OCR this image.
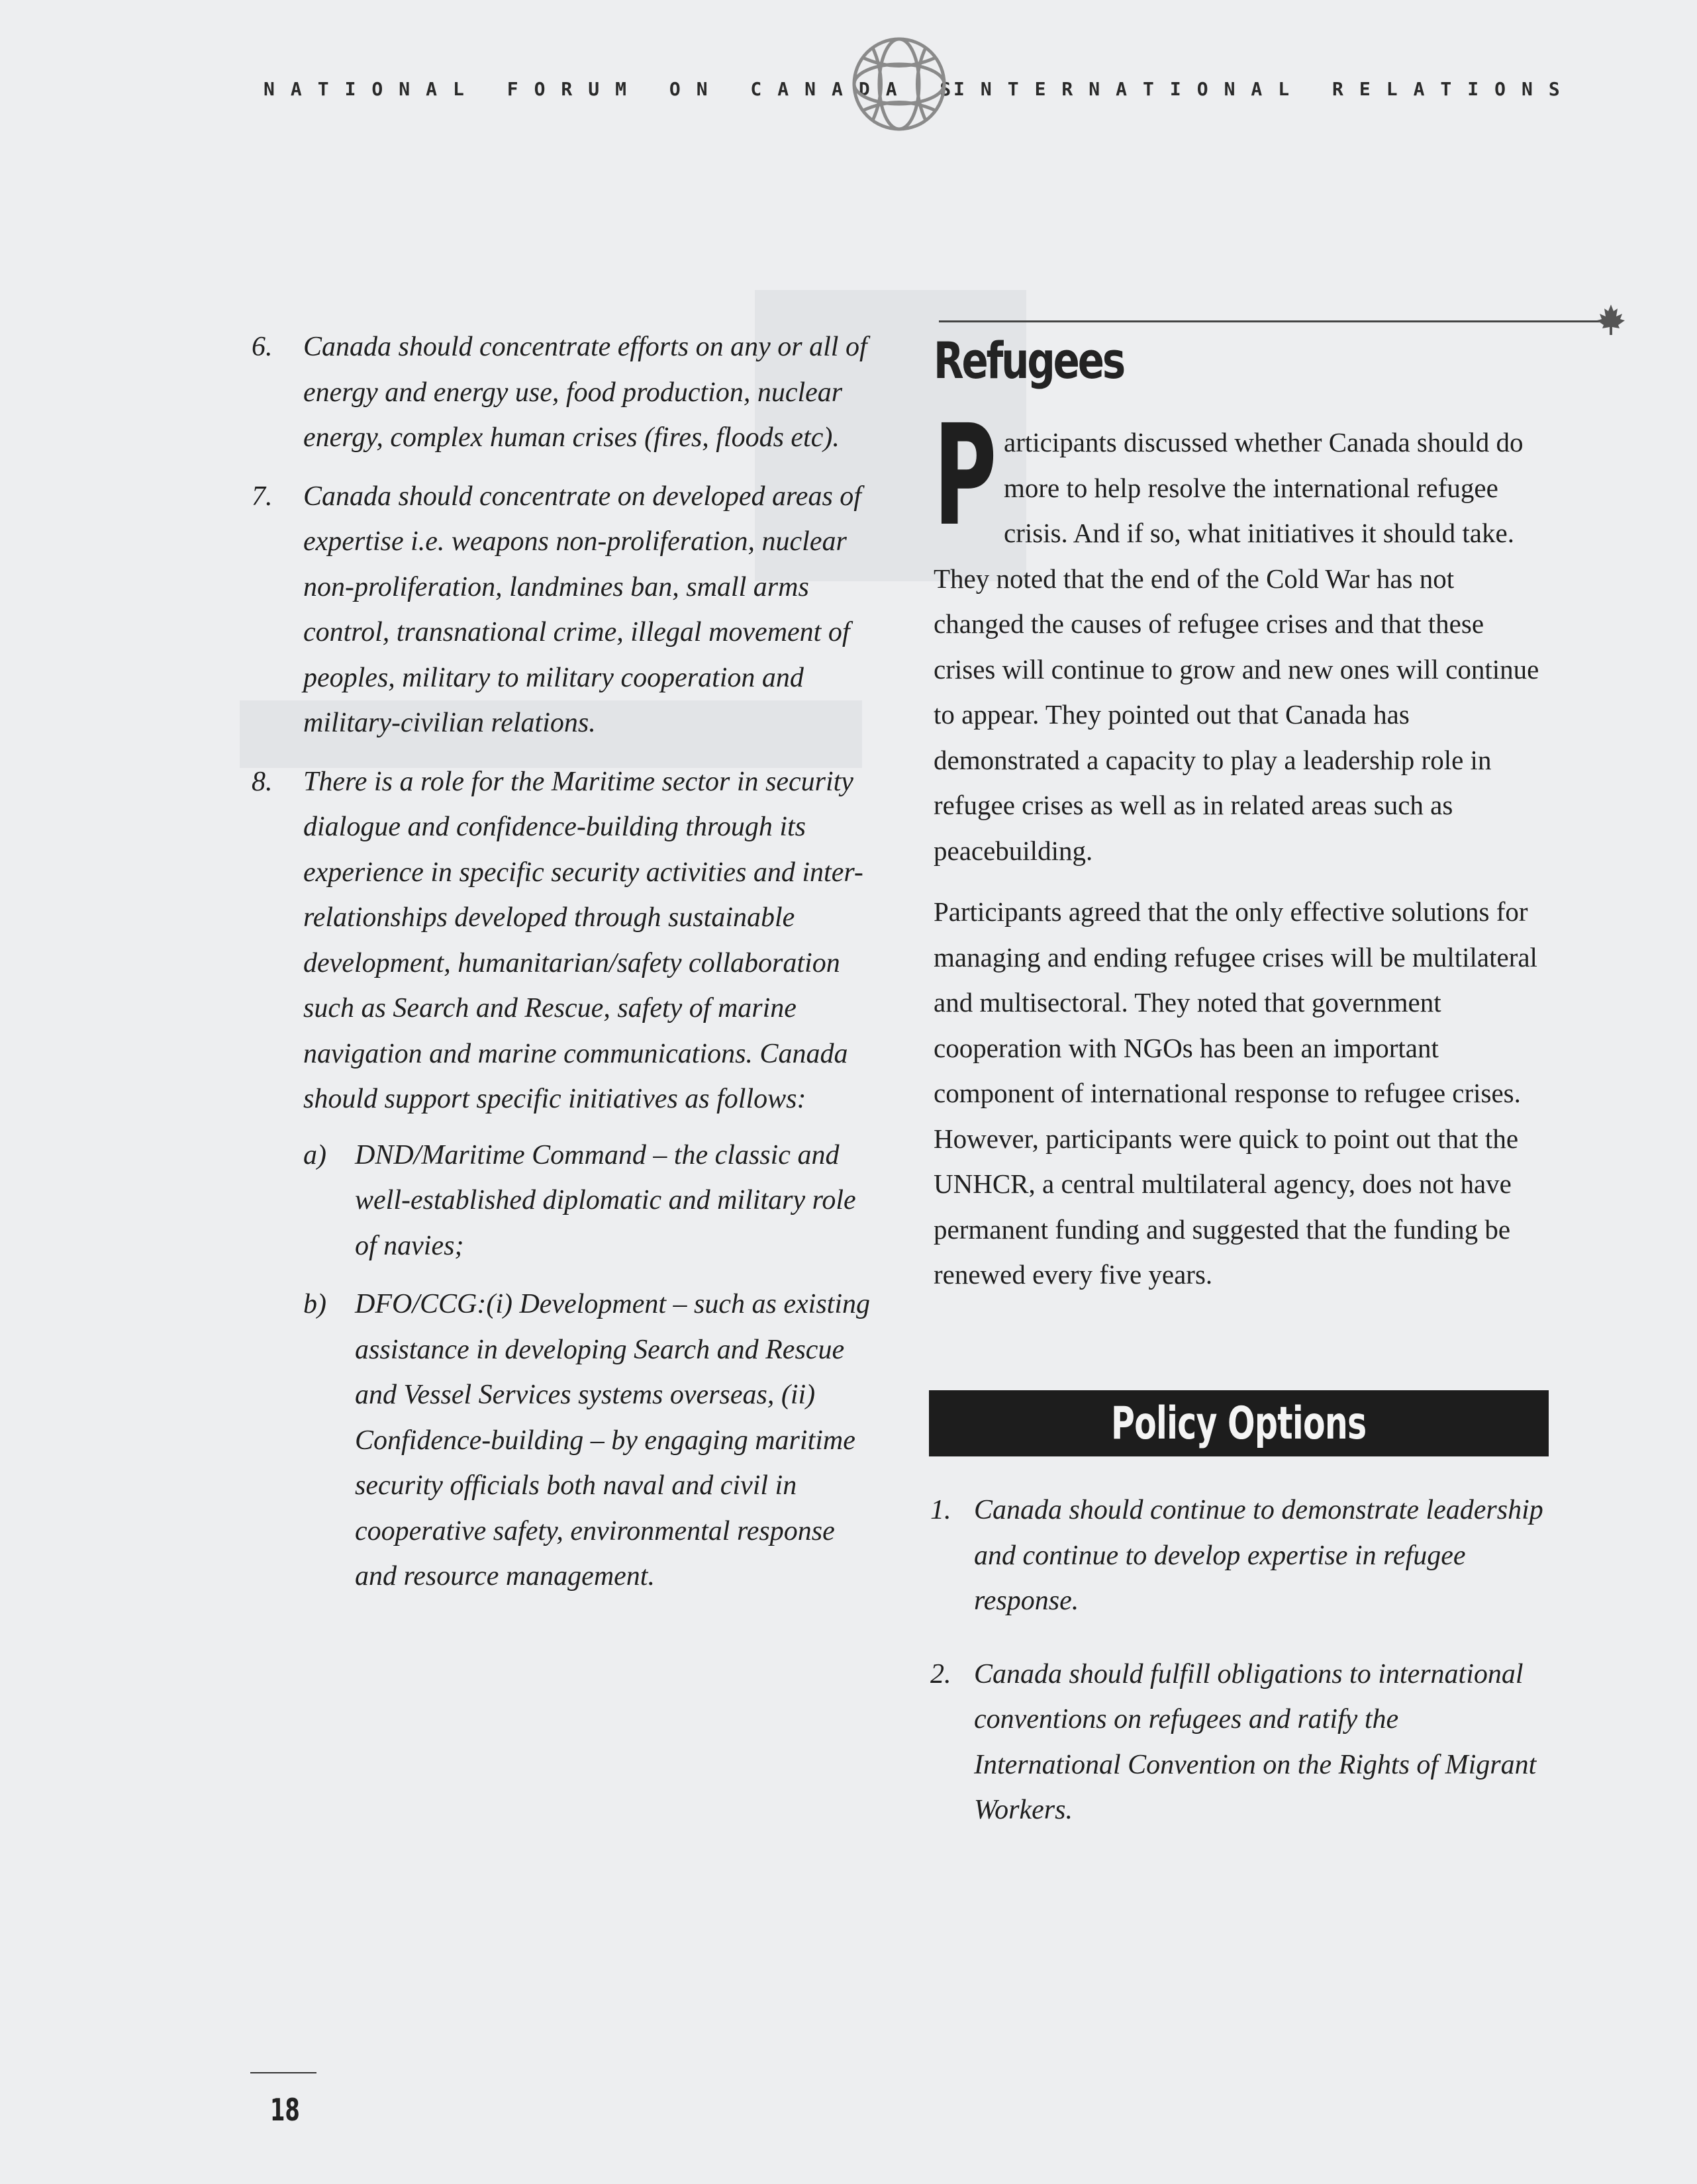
NATIONAL FORUM ON CANADA'S
INTERNATIONAL RELATIONS
6.	Canada should concentrate efforts on any or all of energy and energy use, food production, nuclear energy, complex human crises (fires, floods etc).
7.	Canada should concentrate on developed areas of expertise i.e. weapons non-proliferation, nuclear non-proliferation, landmines ban, small arms control, transnational crime, illegal movement of peoples, military to military cooperation and military-civilian relations.
8.	There is a role for the Maritime sector in security dialogue and confidence-building through its experience in specific security activities and inter-relationships developed through sustainable development, humanitarian/safety collaboration such as Search and Rescue, safety of marine navigation and marine communications. Canada should support specific initiatives as follows:
a)	DND/Maritime Command – the classic and well-established diplomatic and military role of navies;
b)	DFO/CCG:(i) Development – such as existing assistance in developing Search and Rescue and Vessel Services systems overseas, (ii) Confidence-building – by engaging maritime security officials both naval and civil in cooperative safety, environmental response and resource management.
Refugees

Participants discussed whether Canada should do more to help resolve the international refugee crisis. And if so, what initiatives it should take. They noted that the end of the Cold War has not changed the causes of refugee crises and that these crises will continue to grow and new ones will continue to appear. They pointed out that Canada has demonstrated a capacity to play a leadership role in refugee crises as well as in related areas such as peacebuilding.

Participants agreed that the only effective solutions for managing and ending refugee crises will be multilateral and multisectoral. They noted that government cooperation with NGOs has been an important component of international response to refugee crises. However, participants were quick to point out that the UNHCR, a central multilateral agency, does not have permanent funding and suggested that the funding be renewed every five years.

Policy Options
1. Canada should continue to demonstrate leadership and continue to develop expertise in refugee response.
2. Canada should fulfill obligations to international conventions on refugees and ratify the International Convention on the Rights of Migrant Workers.
18
